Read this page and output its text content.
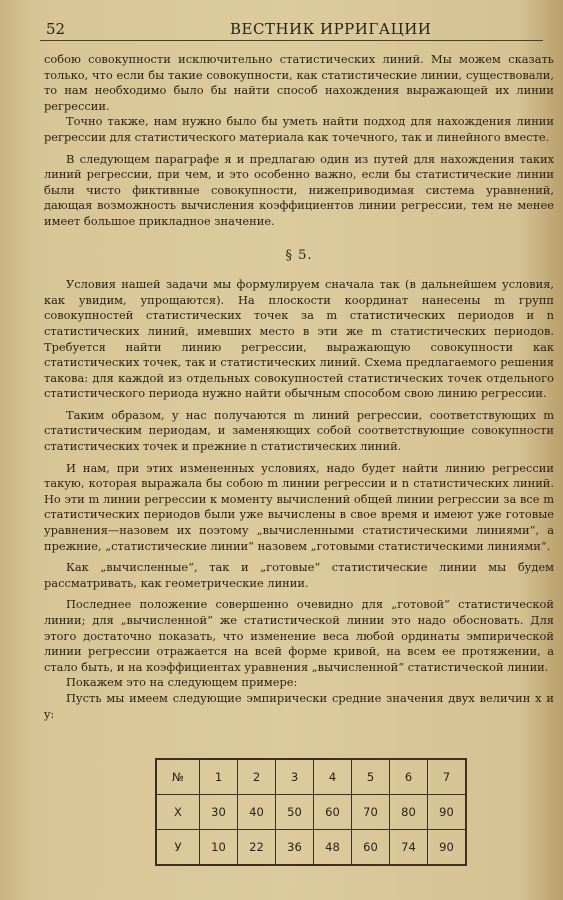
52	ВЕСТНИК ИРРИГАЦИИ

собою совокупности исключительно статистических линий. Мы можем сказать только, что если бы такие совокупности, как статистические линии, существовали, то нам необходимо было бы найти способ нахождения выражающей их линии регрессии.

Точно также, нам нужно было бы уметь найти подход для нахождения линии регрессии для статистического материала как точечного, так и линейного вместе.

В следующем параграфе я и предлагаю один из путей для нахождения таких линий регрессии, при чем, и это особенно важно, если бы статистические линии были чисто фиктивные совокупности, нижеприводимая система уравнений, дающая возможность вычисления коэффициентов линии регрессии, тем не менее имеет большое прикладное значение.

§ 5.

Условия нашей задачи мы формулируем сначала так (в дальнейшем условия, как увидим, упрощаются). На плоскости координат нанесены m групп совокупностей статистических точек за m статистических периодов и n статистических линий, имевших место в эти же m статистических периодов. Требуется найти линию регрессии, выражающую совокупности как статистических точек, так и статистических линий. Схема предлагаемого решения такова: для каждой из отдельных совокупностей статистических точек отдельного статистического периода нужно найти обычным способом свою линию регрессии.

Таким образом, у нас получаются m линий регрессии, соответствующих m статистическим периодам, и заменяющих собой соответствующие совокупности статистических точек и прежние n статистических линий.

И нам, при этих измененных условиях, надо будет найти линию регрессии такую, которая выражала бы собою m линии регрессии и n статистических линий. Но эти m линии регрессии к моменту вычислений общей линии регрессии за все m статистических периодов были уже вычислены в свое время и имеют уже готовые уравнения—назовем их поэтому „вычисленными статистическими линиями“, а прежние, „статистические линии“ назовем „готовыми статистическими линиями“.

Как „вычисленные“, так и „готовые“ статистические линии мы будем рассматривать, как геометрические линии.

Последнее положение совершенно очевидно для „готовой“ статистической линии; для „вычисленной“ же статистической линии это надо обосновать. Для этого достаточно показать, что изменение веса любой ординаты эмпирической линии регрессии отражается на всей форме кривой, на всем ее протяжении, а стало быть, и на коэффициентах уравнения „вычисленной“ статистической линии.

Покажем это на следующем примере:

Пусть мы имеем следующие эмпирически средние значения двух величин x и y:

№	1	2	3	4	5	6	7
X	30	40	50	60	70	80	90
У	10	22	36	48	60	74	90
